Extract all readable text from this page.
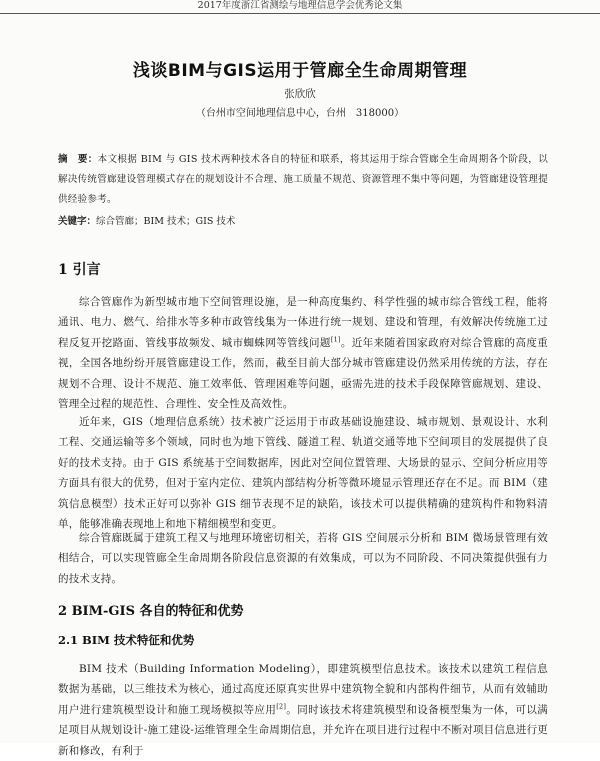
2017年度浙江省测绘与地理信息学会优秀论文集
浅谈BIM与GIS运用于管廊全生命周期管理
张欣欣
（台州市空间地理信息中心，台州　318000）
摘　要：本文根据 BIM 与 GIS 技术两种技术各自的特征和联系，将其运用于综合管廊全生命周期各个阶段，以解决传统管廊建设管理模式存在的规划设计不合理、施工质量不规范、资源管理不集中等问题，为管廊建设管理提供经验参考。
关键字：综合管廊；BIM 技术；GIS 技术
1 引言
综合管廊作为新型城市地下空间管理设施，是一种高度集约、科学性强的城市综合管线工程，能将通讯、电力、燃气、给排水等多种市政管线集为一体进行统一规划、建设和管理，有效解决传统施工过程反复开挖路面、管线事故频发、城市蜘蛛网等管线问题[1]。近年来随着国家政府对综合管廊的高度重视，全国各地纷纷开展管廊建设工作，然而，截至目前大部分城市管廊建设仍然采用传统的方法，存在规划不合理、设计不规范、施工效率低、管理困难等问题，亟需先进的技术手段保障管廊规划、建设、管理全过程的规范性、合理性、安全性及高效性。
近年来，GIS（地理信息系统）技术被广泛运用于市政基础设施建设、城市规划、景观设计、水利工程、交通运输等多个领域，同时也为地下管线、隧道工程、轨道交通等地下空间项目的发展提供了良好的技术支持。由于 GIS 系统基于空间数据库，因此对空间位置管理、大场景的显示、空间分析应用等方面具有很大的优势，但对于室内定位、建筑内部结构分析等微环境显示管理还存在不足。而 BIM（建筑信息模型）技术正好可以弥补 GIS 细节表现不足的缺陷，该技术可以提供精确的建筑构件和物料清单，能够准确表现地上和地下精细模型和变更。
综合管廊既属于建筑工程又与地理环境密切相关，若将 GIS 空间展示分析和 BIM 微场景管理有效相结合，可以实现管廊全生命周期各阶段信息资源的有效集成，可以为不同阶段、不同决策提供强有力的技术支持。
2 BIM-GIS 各自的特征和优势
2.1 BIM 技术特征和优势
BIM 技术（Building Information Modeling），即建筑模型信息技术。该技术以建筑工程信息数据为基础，以三维技术为核心，通过高度还原真实世界中建筑物全貌和内部构件细节，从而有效辅助用户进行建筑模型设计和施工现场模拟等应用[2]。同时该技术将建筑模型和设备模型集为一体，可以满足项目从规划设计-施工建设-运维管理全生命周期信息，并允许在项目进行过程中不断对项目信息进行更新和修改，有利于
